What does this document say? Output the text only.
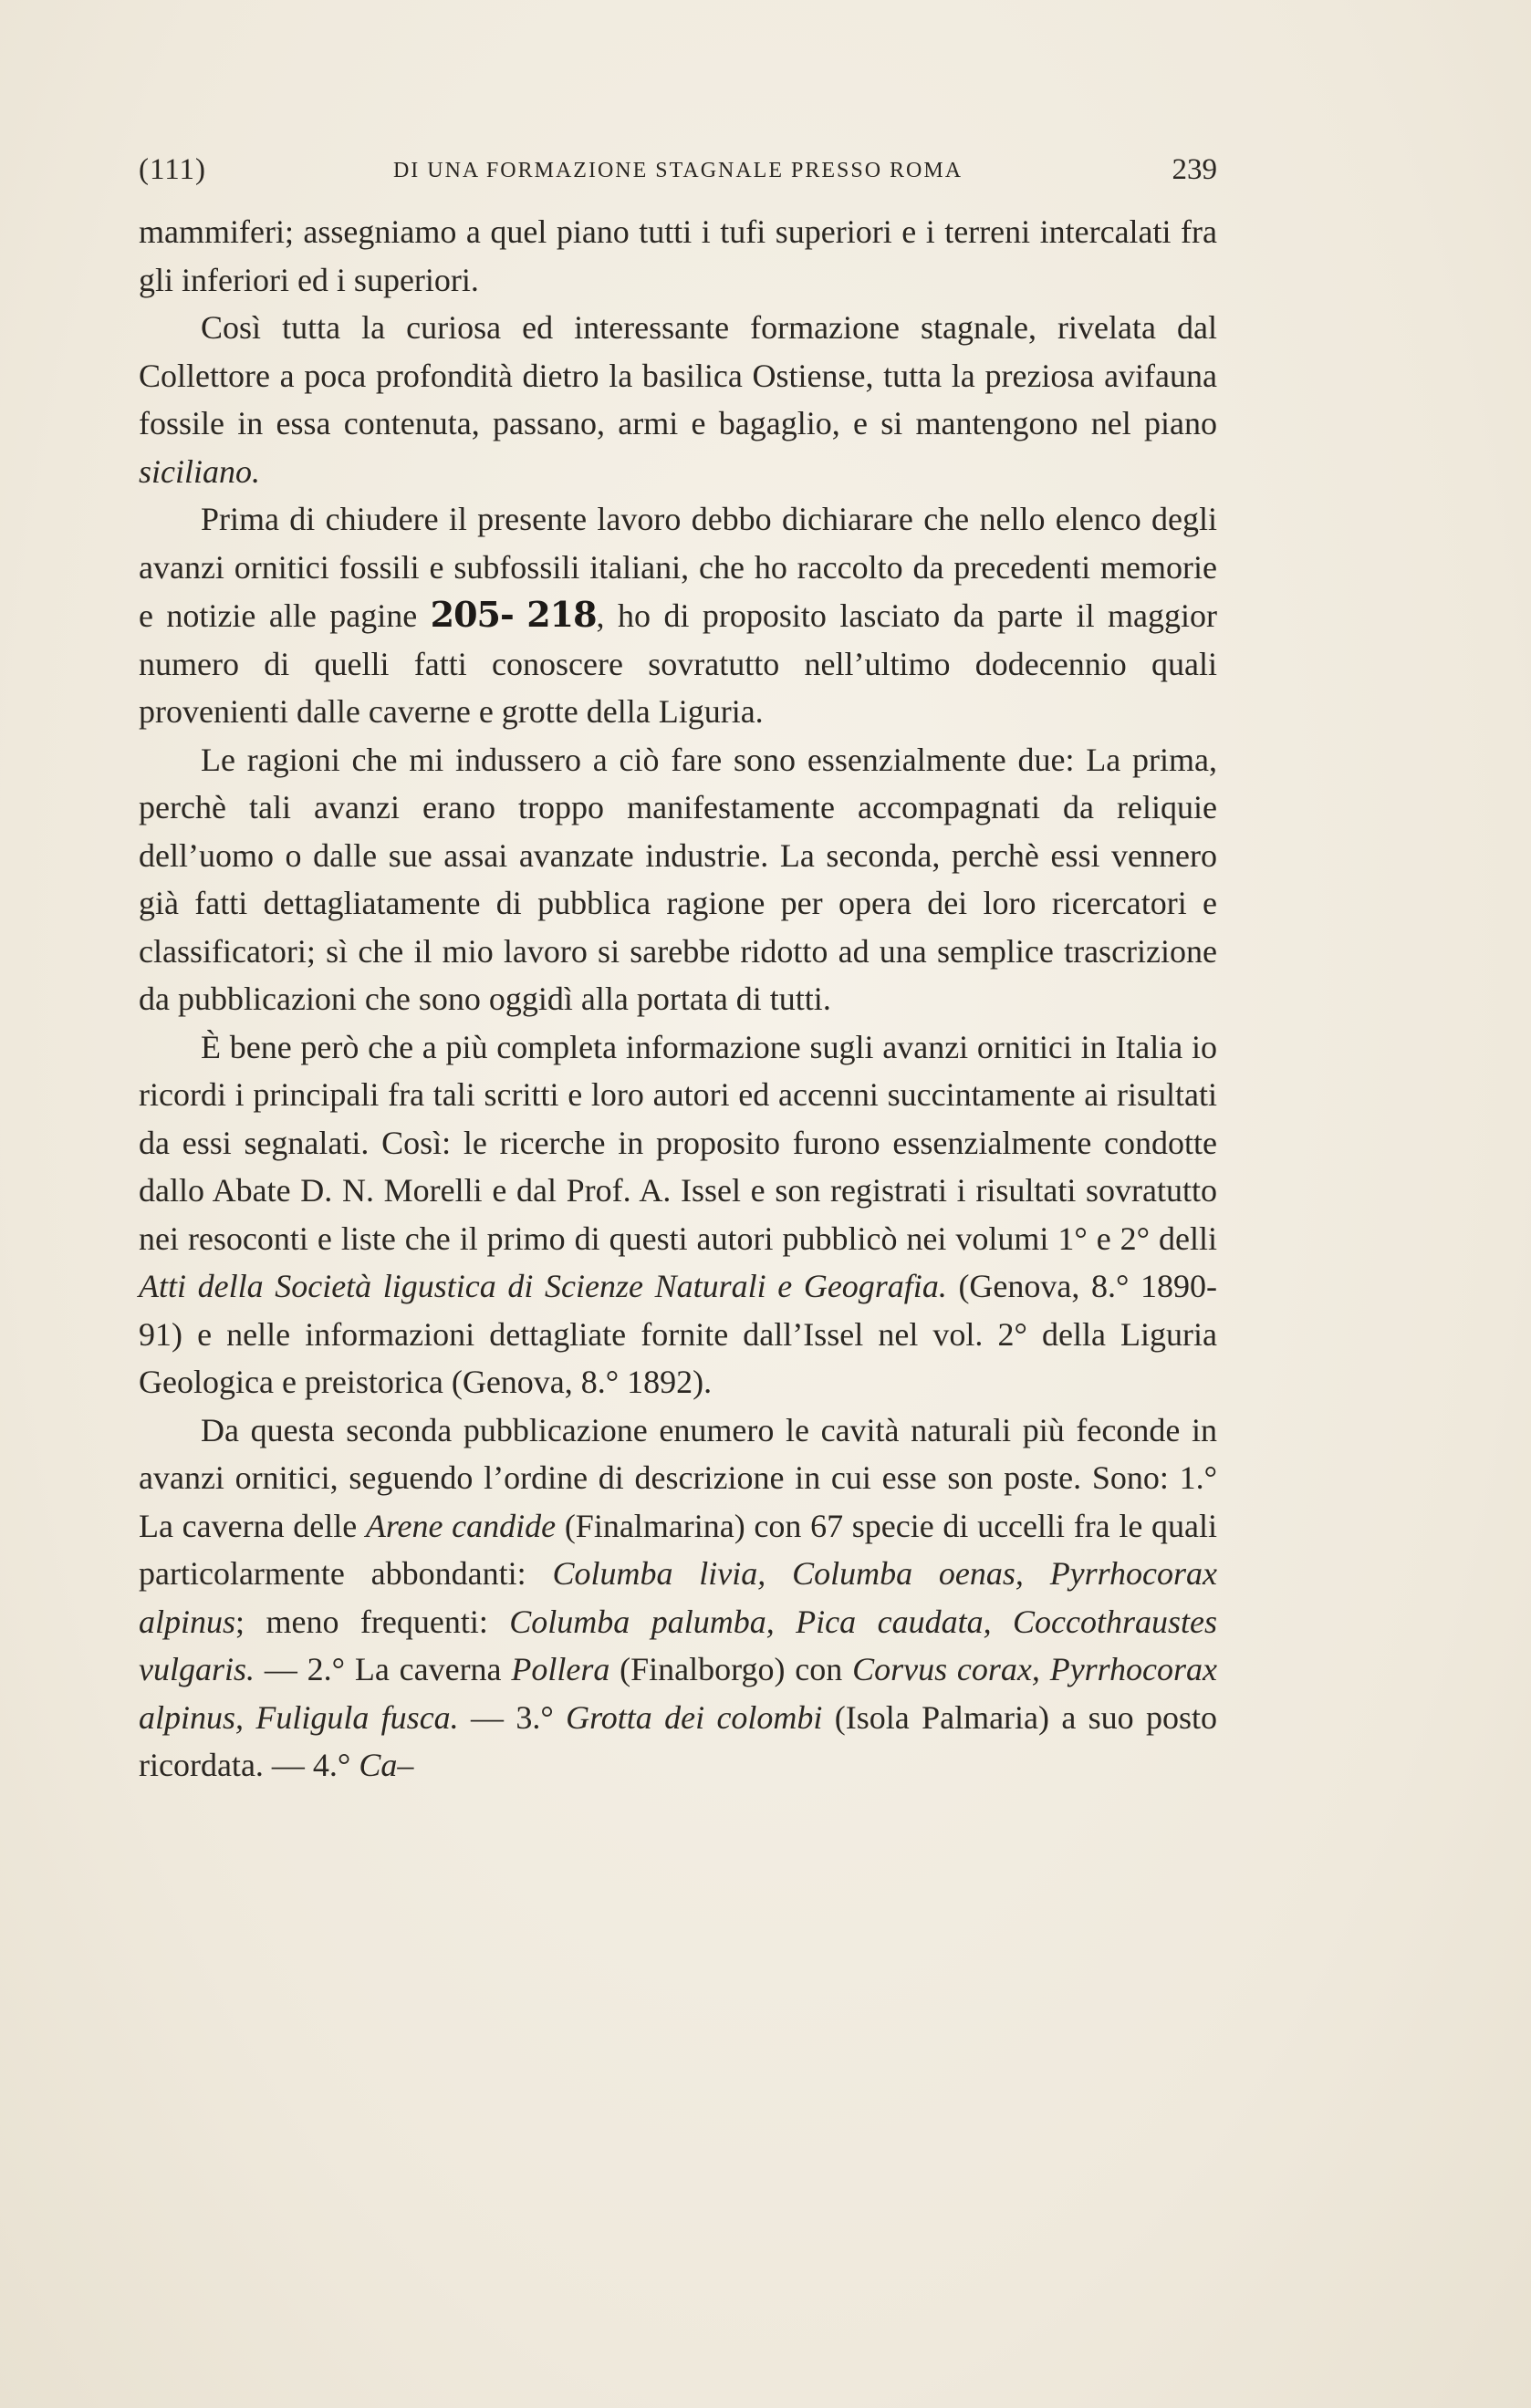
(111)	DI UNA FORMAZIONE STAGNALE PRESSO ROMA	239

mammiferi; assegniamo a quel piano tutti i tufi superiori e i terreni intercalati fra gli inferiori ed i superiori.

Così tutta la curiosa ed interessante formazione stagnale, rivelata dal Collettore a poca profondità dietro la basilica Ostiense, tutta la preziosa avifauna fossile in essa contenuta, passano, armi e bagaglio, e si mantengono nel piano siciliano.

Prima di chiudere il presente lavoro debbo dichiarare che nello elenco degli avanzi ornitici fossili e subfossili italiani, che ho raccolto da precedenti memorie e notizie alle pagine 205- 218, ho di proposito lasciato da parte il maggior numero di quelli fatti conoscere sovratutto nell’ultimo dodecennio quali provenienti dalle caverne e grotte della Liguria.

Le ragioni che mi indussero a ciò fare sono essenzialmente due: La prima, perchè tali avanzi erano troppo manifestamente accompagnati da reliquie dell’uomo o dalle sue assai avanzate industrie. La seconda, perchè essi vennero già fatti dettagliatamente di pubblica ragione per opera dei loro ricercatori e classificatori; sì che il mio lavoro si sarebbe ridotto ad una semplice trascrizione da pubblicazioni che sono oggidì alla portata di tutti.

È bene però che a più completa informazione sugli avanzi ornitici in Italia io ricordi i principali fra tali scritti e loro autori ed accenni succintamente ai risultati da essi segnalati. Così: le ricerche in proposito furono essenzialmente condotte dallo Abate D. N. Morelli e dal Prof. A. Issel e son registrati i risultati sovratutto nei resoconti e liste che il primo di questi autori pubblicò nei volumi 1° e 2° delli Atti della Società ligustica di Scienze Naturali e Geografia. (Genova, 8.° 1890-91) e nelle informazioni dettagliate fornite dall’Issel nel vol. 2° della Liguria Geologica e preistorica (Genova, 8.° 1892).

Da questa seconda pubblicazione enumero le cavità naturali più feconde in avanzi ornitici, seguendo l’ordine di descrizione in cui esse son poste. Sono: 1.° La caverna delle Arene candide (Finalmarina) con 67 specie di uccelli fra le quali particolarmente abbondanti: Columba livia, Columba oenas, Pyrrhocorax alpinus; meno frequenti: Columba palumba, Pica caudata, Coccothraustes vulgaris. — 2.° La caverna Pollera (Finalborgo) con Corvus corax, Pyrrhocorax alpinus, Fuligula fusca. — 3.° Grotta dei colombi (Isola Palmaria) a suo posto ricordata. — 4.° Ca–
